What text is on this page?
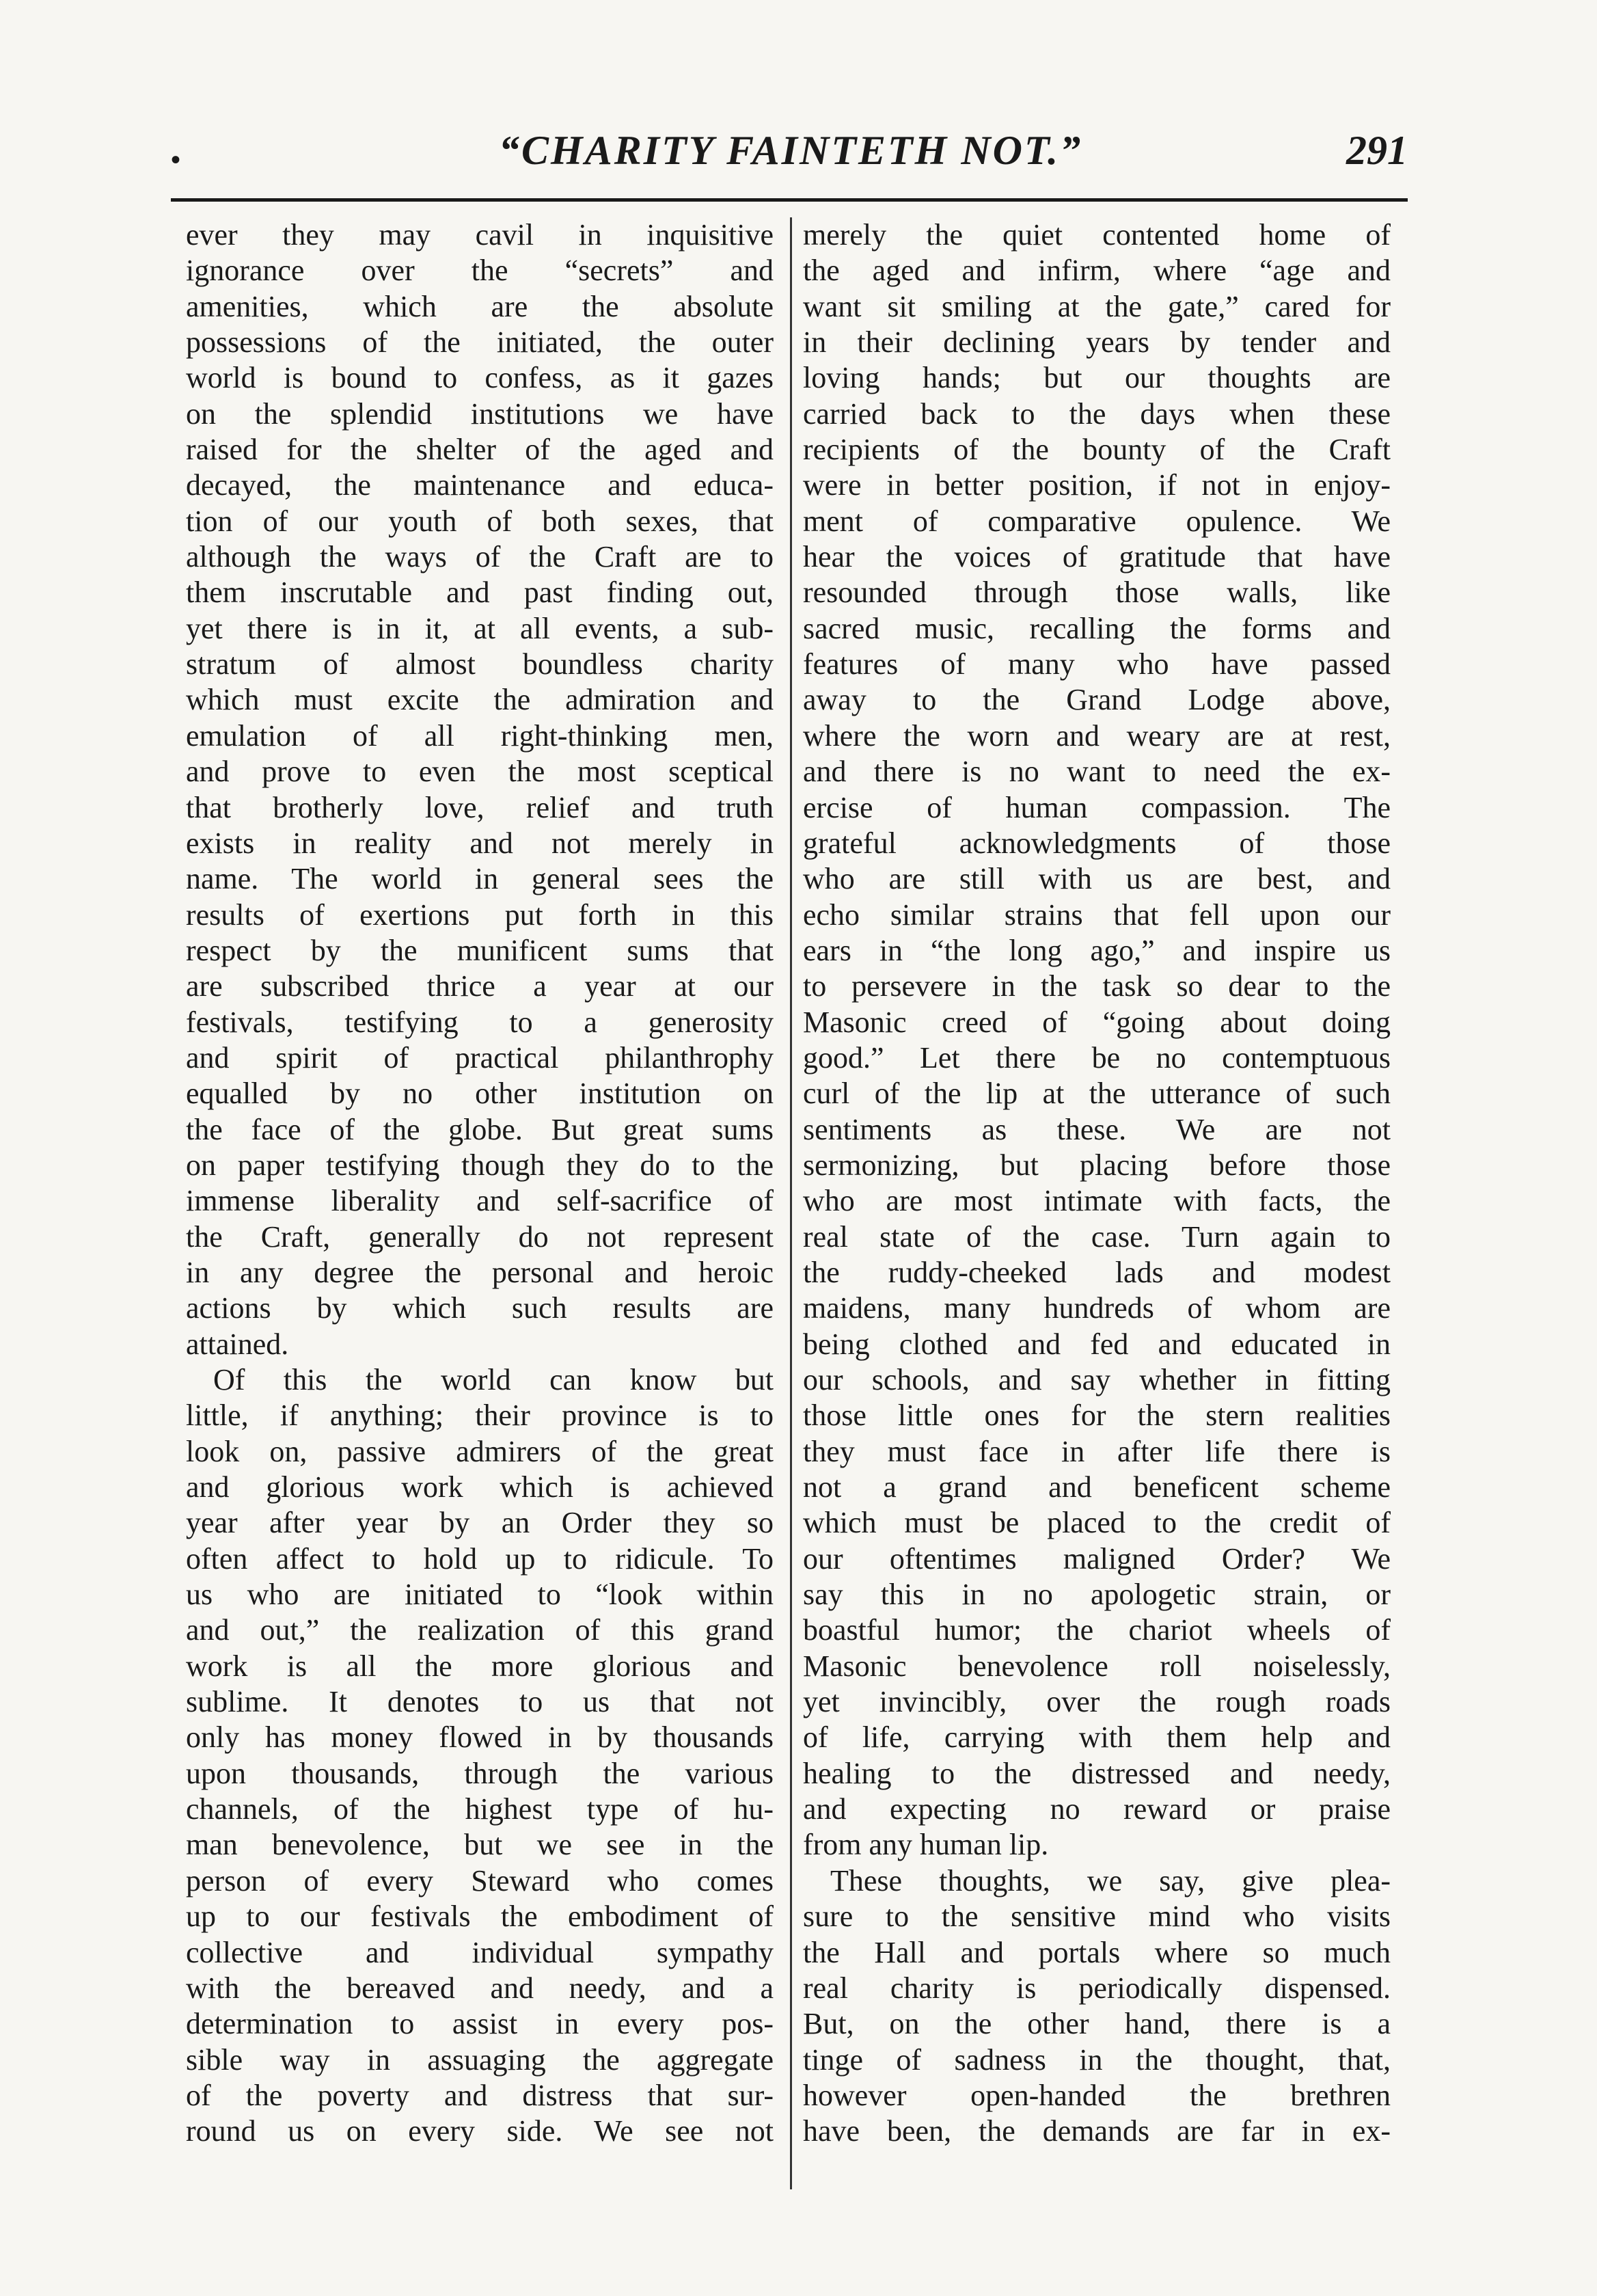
•	“CHARITY FAINTETH NOT.”	291
ever they may cavil in inquisitive
ignorance over the “secrets” and
amenities, which are the absolute
possessions of the initiated, the outer
world is bound to confess, as it gazes
on the splendid institutions we have
raised for the shelter of the aged and
decayed, the maintenance and educa-
tion of our youth of both sexes, that
although the ways of the Craft are to
them inscrutable and past finding out,
yet there is in it, at all events, a sub-
stratum of almost boundless charity
which must excite the admiration and
emulation of all right-thinking men,
and prove to even the most sceptical
that brotherly love, relief and truth
exists in reality and not merely in
name. The world in general sees the
results of exertions put forth in this
respect by the munificent sums that
are subscribed thrice a year at our
festivals, testifying to a generosity
and spirit of practical philanthrophy
equalled by no other institution on
the face of the globe. But great sums
on paper testifying though they do to the
immense liberality and self-sacrifice of
the Craft, generally do not represent
in any degree the personal and heroic
actions by which such results are
attained.
Of this the world can know but
little, if anything; their province is to
look on, passive admirers of the great
and glorious work which is achieved
year after year by an Order they so
often affect to hold up to ridicule. To
us who are initiated to “look within
and out,” the realization of this grand
work is all the more glorious and
sublime. It denotes to us that not
only has money flowed in by thousands
upon thousands, through the various
channels, of the highest type of hu-
man benevolence, but we see in the
person of every Steward who comes
up to our festivals the embodiment of
collective and individual sympathy
with the bereaved and needy, and a
determination to assist in every pos-
sible way in assuaging the aggregate
of the poverty and distress that sur-
round us on every side. We see not
merely the quiet contented home of
the aged and infirm, where “age and
want sit smiling at the gate,” cared for
in their declining years by tender and
loving hands; but our thoughts are
carried back to the days when these
recipients of the bounty of the Craft
were in better position, if not in enjoy-
ment of comparative opulence. We
hear the voices of gratitude that have
resounded through those walls, like
sacred music, recalling the forms and
features of many who have passed
away to the Grand Lodge above,
where the worn and weary are at rest,
and there is no want to need the ex-
ercise of human compassion. The
grateful acknowledgments of those
who are still with us are best, and
echo similar strains that fell upon our
ears in “the long ago,” and inspire us
to persevere in the task so dear to the
Masonic creed of “going about doing
good.” Let there be no contemptuous
curl of the lip at the utterance of such
sentiments as these. We are not
sermonizing, but placing before those
who are most intimate with facts, the
real state of the case. Turn again to
the ruddy-cheeked lads and modest
maidens, many hundreds of whom are
being clothed and fed and educated in
our schools, and say whether in fitting
those little ones for the stern realities
they must face in after life there is
not a grand and beneficent scheme
which must be placed to the credit of
our oftentimes maligned Order? We
say this in no apologetic strain, or
boastful humor; the chariot wheels of
Masonic benevolence roll noiselessly,
yet invincibly, over the rough roads
of life, carrying with them help and
healing to the distressed and needy,
and expecting no reward or praise
from any human lip.
These thoughts, we say, give plea-
sure to the sensitive mind who visits
the Hall and portals where so much
real charity is periodically dispensed.
But, on the other hand, there is a
tinge of sadness in the thought, that,
however open-handed the brethren
have been, the demands are far in ex-
